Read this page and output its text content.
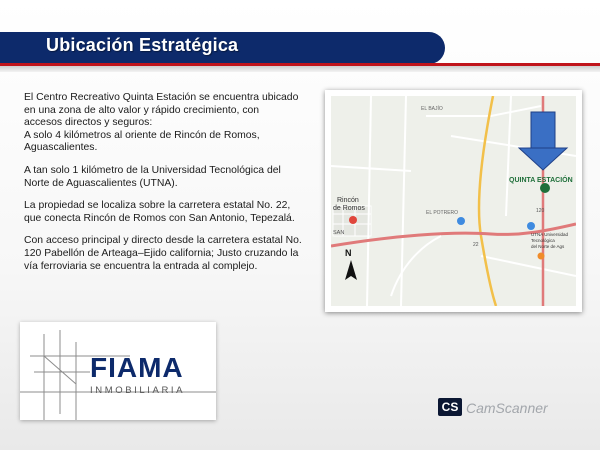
Ubicación Estratégica

El Centro Recreativo Quinta Estación se encuentra ubicado
en una zona de alto valor y rápido crecimiento, con
accesos directos y seguros:
A solo 4 kilómetros al oriente de Rincón de Romos,
Aguascalientes.

A tan solo 1 kilómetro de la Universidad Tecnológica del
Norte de Aguascalientes (UTNA).

La propiedad se localiza sobre la carretera estatal No. 22,
que conecta Rincón de Romos con San Antonio, Tepezalá.

Con acceso principal y directo desde la carretera estatal No.
120 Pabellón de Arteaga–Ejido california; Justo cruzando la
vía ferroviaria se encuentra la entrada al complejo.

QUINTA ESTACIÓN
Rincón
de Romos
EL POTRERO
EL BAJÍO
SAN	UTNA Universidad
Tecnológica
del Norte de Ags
120
22
N
FIAMA
INMOBILIARIA
CS CamScanner
